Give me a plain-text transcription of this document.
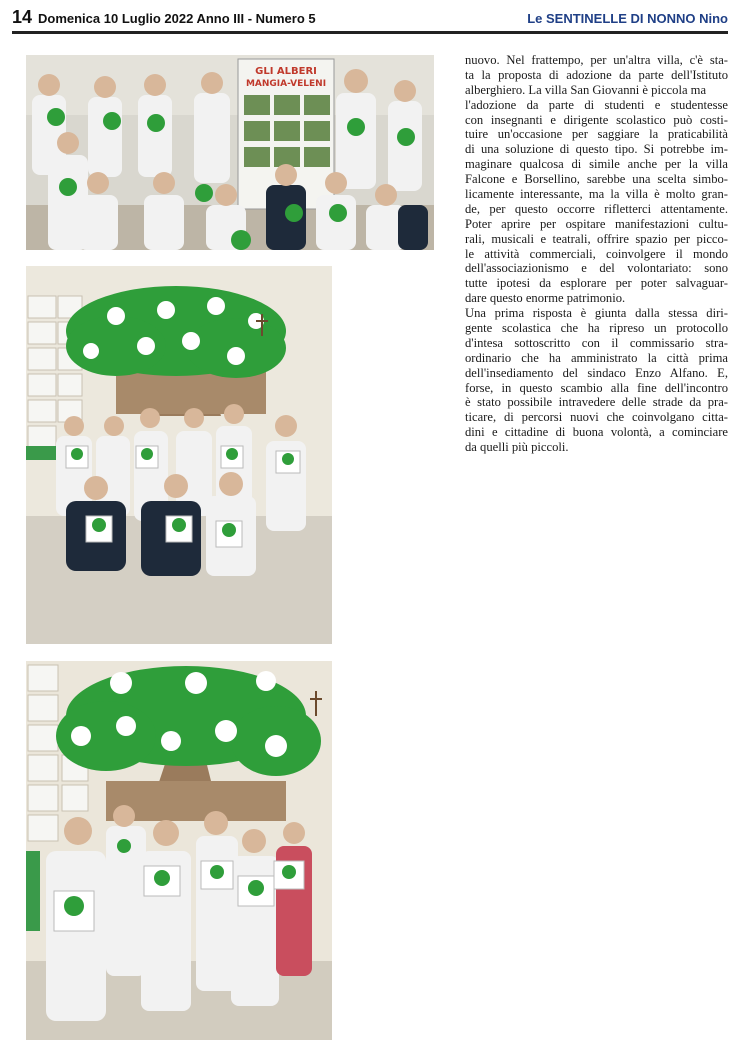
14 Domenica 10 Luglio 2022 Anno III - Numero 5	Le SENTINELLE DI NONNO Nino
GLI ALBERI
MANGIA-VELENI
nuovo. Nel frattempo, per un'altra villa, c'è sta-
ta la proposta di adozione da parte dell'Istituto
alberghiero. La villa San Giovanni è piccola ma
l'adozione da parte di studenti e studentesse
con insegnanti e dirigente scolastico può costi-
tuire un'occasione per saggiare la praticabilità
di una soluzione di questo tipo. Si potrebbe im-
maginare qualcosa di simile anche per la villa
Falcone e Borsellino, sarebbe una scelta simbo-
licamente interessante, ma la villa è molto gran-
de, per questo occorre rifletterci attentamente.
Poter aprire per ospitare manifestazioni cultu-
rali, musicali e teatrali, offrire spazio per picco-
le attività commerciali, coinvolgere il mondo
dell'associazionismo e del volontariato: sono
tutte ipotesi da esplorare per poter salvaguar-
dare questo enorme patrimonio.
Una prima risposta è giunta dalla stessa diri-
gente scolastica che ha ripreso un protocollo
d'intesa sottoscritto con il commissario stra-
ordinario che ha amministrato la città prima
dell'insediamento del sindaco Enzo Alfano. E,
forse, in questo scambio alla fine dell'incontro
è stato possibile intravedere delle strade da pra-
ticare, di percorsi nuovi che coinvolgano citta-
dini e cittadine di buona volontà, a cominciare
da quelli più piccoli.
